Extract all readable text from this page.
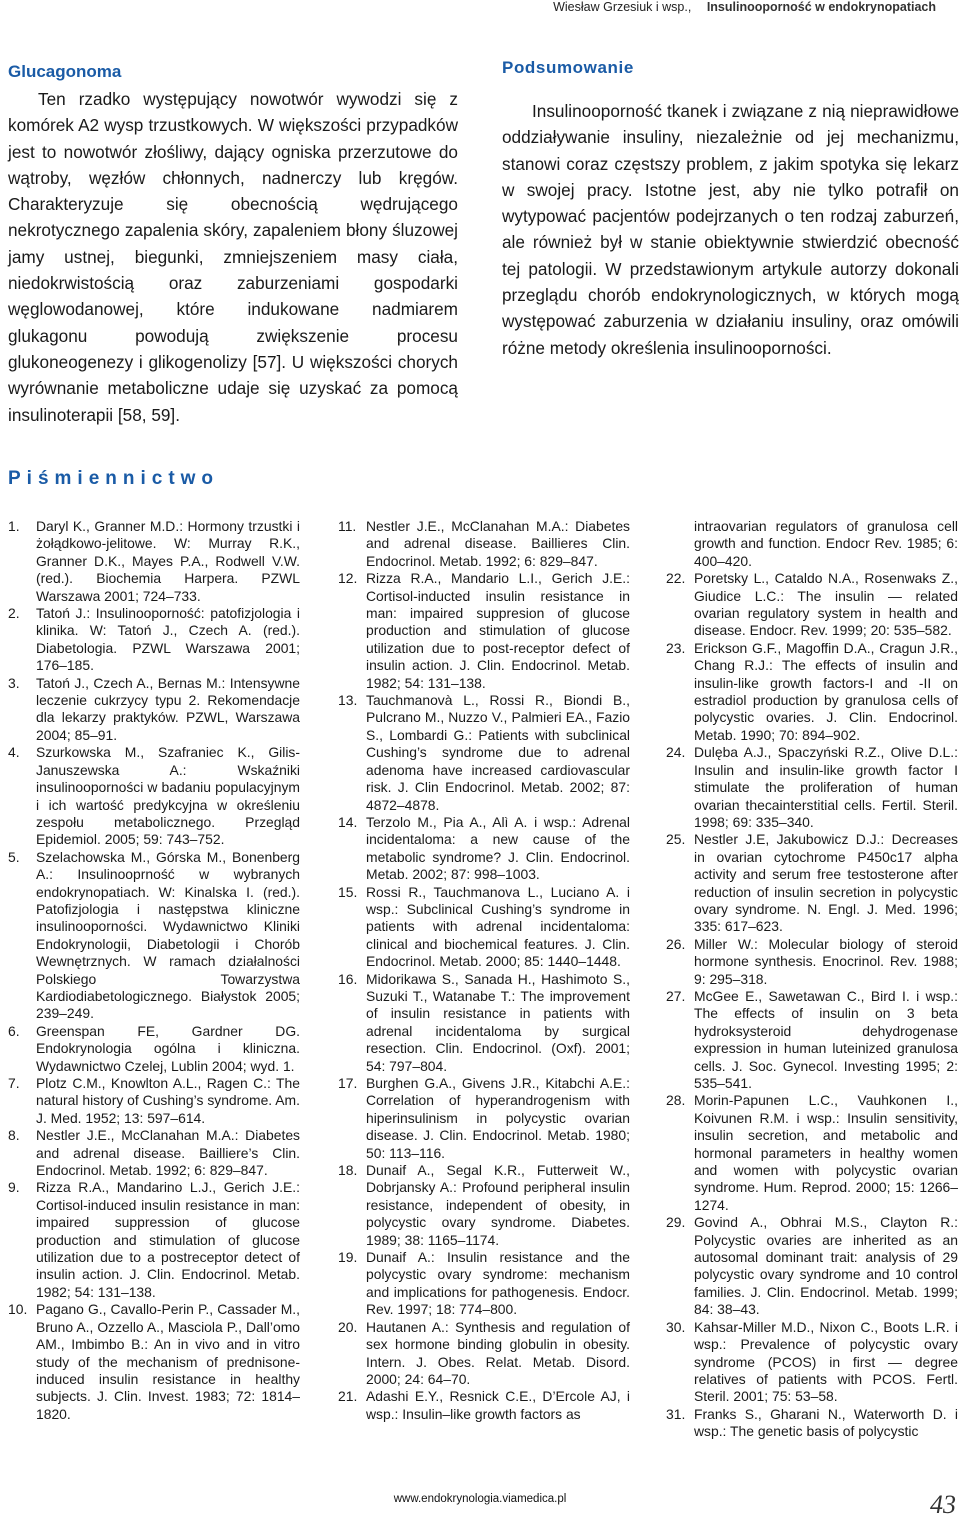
Wiesław Grzesiuk i wsp., Insulinooporność w endokrynopatiach
Glucagonoma

Ten rzadko występujący nowotwór wywodzi się z komórek A2 wysp trzustkowych. W większości przypadków jest to nowotwór złośliwy, dający ogniska przerzutowe do wątroby, węzłów chłonnych, nadnerczy lub kręgów. Charakteryzuje się obecnością wędrującego nekrotycznego zapalenia skóry, zapaleniem błony śluzowej jamy ustnej, biegunki, zmniejszeniem masy ciała, niedokrwistością oraz zaburzeniami gospodarki węglowodanowej, które indukowane nadmiarem glukagonu powodują zwiększenie procesu glukoneogenezy i glikogenolizy [57]. U większości chorych wyrównanie metaboliczne udaje się uzyskać za pomocą insulinoterapii [58, 59].

Podsumowanie

Insulinooporność tkanek i związane z nią nieprawidłowe oddziaływanie insuliny, niezależnie od jej mechanizmu, stanowi coraz częstszy problem, z jakim spotyka się lekarz w swojej pracy. Istotne jest, aby nie tylko potrafił on wytypować pacjentów podejrzanych o ten rodzaj zaburzeń, ale również był w stanie obiektywnie stwierdzić obecność tej patologii. W przedstawionym artykule autorzy dokonali przeglądu chorób endokrynologicznych, w których mogą występować zaburzenia w działaniu insuliny, oraz omówili różne metody określenia insulinooporności.

Piśmiennictwo
1. Daryl K., Granner M.D.: Hormony trzustki i żołądkowo-jelitowe. W: Murray R.K., Granner D.K., Mayes P.A., Rodwell V.W. (red.). Biochemia Harpera. PZWL Warszawa 2001; 724–733.
2. Tatoń J.: Insulinooporność: patofizjologia i klinika. W: Tatoń J., Czech A. (red.). Diabetologia. PZWL Warszawa 2001; 176–185.
3. Tatoń J., Czech A., Bernas M.: Intensywne leczenie cukrzycy typu 2. Rekomendacje dla lekarzy praktyków. PZWL, Warszawa 2004; 85–91.
4. Szurkowska M., Szafraniec K., Gilis-Januszewska A.: Wskaźniki insulinooporności w badaniu populacyjnym i ich wartość predykcyjna w określeniu zespołu metabolicznego. Przegląd Epidemiol. 2005; 59: 743–752.
5. Szelachowska M., Górska M., Bonenberg A.: Insulinooprność w wybranych endokrynopatiach. W: Kinalska I. (red.). Patofizjologia i następstwa kliniczne insulinooporności. Wydawnictwo Kliniki Endokrynologii, Diabetologii i Chorób Wewnętrznych. W ramach działalności Polskiego Towarzystwa Kardiodiabetologicznego. Białystok 2005; 239–249.
6. Greenspan FE, Gardner DG. Endokrynologia ogólna i kliniczna. Wydawnictwo Czelej, Lublin 2004; wyd. 1.
7. Plotz C.M., Knowlton A.L., Ragen C.: The natural history of Cushing’s syndrome. Am. J. Med. 1952; 13: 597–614.
8. Nestler J.E., McClanahan M.A.: Diabetes and adrenal disease. Bailliere’s Clin. Endocrinol. Metab. 1992; 6: 829–847.
9. Rizza R.A., Mandarino L.J., Gerich J.E.: Cortisol-induced insulin resistance in man: impaired suppression of glucose production and stimulation of glucose utilization due to a postreceptor detect of insulin action. J. Clin. Endocrinol. Metab. 1982; 54: 131–138.
10. Pagano G., Cavallo-Perin P., Cassader M., Bruno A., Ozzello A., Masciola P., Dall’omo AM., Imbimbo B.: An in vivo and in vitro study of the mechanism of prednisone-induced insulin resistance in healthy subjects. J. Clin. Invest. 1983; 72: 1814–1820.
11. Nestler J.E., McClanahan M.A.: Diabetes and adrenal disease. Baillieres Clin. Endocrinol. Metab. 1992; 6: 829–847.
12. Rizza R.A., Mandario L.I., Gerich J.E.: Cortisol-inducted insulin resistance in man: impaired suppresion of glucose production and stimulation of glucose utilization due to post-receptor defect of insulin action. J. Clin. Endocrinol. Metab. 1982; 54: 131–138.
13. Tauchmanovà L., Rossi R., Biondi B., Pulcrano M., Nuzzo V., Palmieri EA., Fazio S., Lombardi G.: Patients with subclinical Cushing’s syndrome due to adrenal adenoma have increased cardiovascular risk. J. Clin Endocrinol. Metab. 2002; 87: 4872–4878.
14. Terzolo M., Pia A., Alì A. i wsp.: Adrenal incidentaloma: a new cause of the metabolic syndrome? J. Clin. Endocrinol. Metab. 2002; 87: 998–1003.
15. Rossi R., Tauchmanova L., Luciano A. i wsp.: Subclinical Cushing’s syndrome in patients with adrenal incidentaloma: clinical and biochemical features. J. Clin. Endocrinol. Metab. 2000; 85: 1440–1448.
16. Midorikawa S., Sanada H., Hashimoto S., Suzuki T., Watanabe T.: The improvement of insulin resistance in patients with adrenal incidentaloma by surgical resection. Clin. Endocrinol. (Oxf). 2001; 54: 797–804.
17. Burghen G.A., Givens J.R., Kitabchi A.E.: Correlation of hyperandrogenism with hiperinsulinism in polycystic ovarian disease. J. Clin. Endocrinol. Metab. 1980; 50: 113–116.
18. Dunaif A., Segal K.R., Futterweit W., Dobrjansky A.: Profound peripheral insulin resistance, independent of obesity, in polycystic ovary syndrome. Diabetes. 1989; 38: 1165–1174.
19. Dunaif A.: Insulin resistance and the polycystic ovary syndrome: mechanism and implications for pathogenesis. Endocr. Rev. 1997; 18: 774–800.
20. Hautanen A.: Synthesis and regulation of sex hormone binding globulin in obesity. Intern. J. Obes. Relat. Metab. Disord. 2000; 24: 64–70.
21. Adashi E.Y., Resnick C.E., D’Ercole AJ, i wsp.: Insulin–like growth factors as
intraovarian regulators of granulosa cell growth and function. Endocr Rev. 1985; 6: 400–420.
22. Poretsky L., Cataldo N.A., Rosenwaks Z., Giudice L.C.: The insulin — related ovarian regulatory system in health and disease. Endocr. Rev. 1999; 20: 535–582.
23. Erickson G.F., Magoffin D.A., Cragun J.R., Chang R.J.: The effects of insulin and insulin-like growth factors-I and -II on estradiol production by granulosa cells of polycystic ovaries. J. Clin. Endocrinol. Metab. 1990; 70: 894–902.
24. Dulęba A.J., Spaczyński R.Z., Olive D.L.: Insulin and insulin-like growth factor I stimulate the proliferation of human ovarian thecainterstitial cells. Fertil. Steril. 1998; 69: 335–340.
25. Nestler J.E, Jakubowicz D.J.: Decreases in ovarian cytochrome P450c17 alpha activity and serum free testosterone after reduction of insulin secretion in polycystic ovary syndrome. N. Engl. J. Med. 1996; 335: 617–623.
26. Miller W.: Molecular biology of steroid hormone synthesis. Enocrinol. Rev. 1988; 9: 295–318.
27. McGee E., Sawetawan C., Bird I. i wsp.: The effects of insulin on 3 beta hydroksysteroid dehydrogenase expression in human luteinized granulosa cells. J. Soc. Gynecol. Investing 1995; 2: 535–541.
28. Morin-Papunen L.C., Vauhkonen I., Koivunen R.M. i wsp.: Insulin sensitivity, insulin secretion, and metabolic and hormonal parameters in healthy women and women with polycystic ovarian syndrome. Hum. Reprod. 2000; 15: 1266–1274.
29. Govind A., Obhrai M.S., Clayton R.: Polycystic ovaries are inherited as an autosomal dominant trait: analysis of 29 polycystic ovary syndrome and 10 control families. J. Clin. Endocrinol. Metab. 1999; 84: 38–43.
30. Kahsar-Miller M.D., Nixon C., Boots L.R. i wsp.: Prevalence of polycystic ovary syndrome (PCOS) in first — degree relatives of patients with PCOS. Fertl. Steril. 2001; 75: 53–58.
31. Franks S., Gharani N., Waterworth D. i wsp.: The genetic basis of polycystic
www.endokrynologia.viamedica.pl	43
